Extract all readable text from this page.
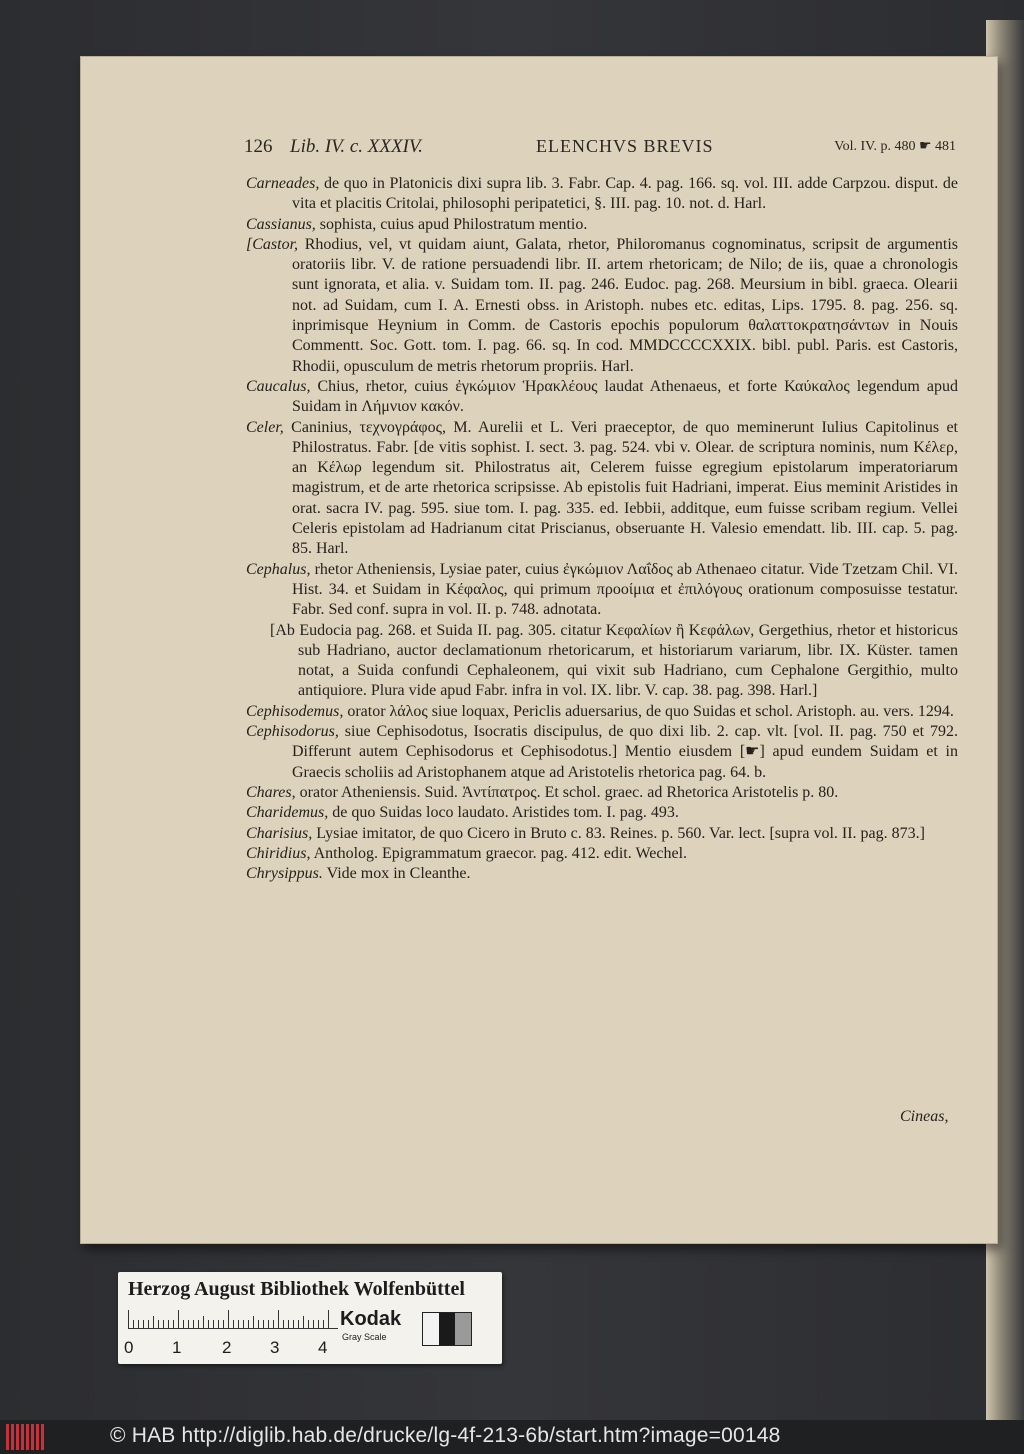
126 Lib. IV. c. XXXIV.	ELENCHVS BREVIS	Vol. IV. p. 480 ☛ 481

Carneades, de quo in Platonicis dixi supra lib. 3. Fabr. Cap. 4. pag. 166. sq. vol. III. adde Carpzou. disput. de vita et placitis Critolai, philosophi peripatetici, §. III. pag. 10. not. d. Harl.

Cassianus, sophista, cuius apud Philostratum mentio.

[Castor, Rhodius, vel, vt quidam aiunt, Galata, rhetor, Philoromanus cognominatus, scripsit de argumentis oratoriis libr. V. de ratione persuadendi libr. II. artem rhetoricam; de Nilo; de iis, quae a chronologis sunt ignorata, et alia. v. Suidam tom. II. pag. 246. Eudoc. pag. 268. Meursium in bibl. graeca. Olearii not. ad Suidam, cum I. A. Ernesti obss. in Aristoph. nubes etc. editas, Lips. 1795. 8. pag. 256. sq. inprimisque Heynium in Comm. de Castoris epochis populorum θαλαττοκρατησάντων in Nouis Commentt. Soc. Gott. tom. I. pag. 66. sq. In cod. MMDCCCCXXIX. bibl. publ. Paris. est Castoris, Rhodii, opusculum de metris rhetorum propriis. Harl.

Caucalus, Chius, rhetor, cuius ἐγκώμιον Ἡρακλέους laudat Athenaeus, et forte Καύκαλος legendum apud Suidam in Λήμνιον κακόν.

Celer, Caninius, τεχνογράφος, M. Aurelii et L. Veri praeceptor, de quo meminerunt Iulius Capitolinus et Philostratus. Fabr. [de vitis sophist. I. sect. 3. pag. 524. vbi v. Olear. de scriptura nominis, num Κέλερ, an Κέλωρ legendum sit. Philostratus ait, Celerem fuisse egregium epistolarum imperatoriarum magistrum, et de arte rhetorica scripsisse. Ab epistolis fuit Hadriani, imperat. Eius meminit Aristides in orat. sacra IV. pag. 595. siue tom. I. pag. 335. ed. Iebbii, additque, eum fuisse scribam regium. Vellei Celeris epistolam ad Hadrianum citat Priscianus, obseruante H. Valesio emendatt. lib. III. cap. 5. pag. 85. Harl.

Cephalus, rhetor Atheniensis, Lysiae pater, cuius ἐγκώμιον Λαΐδος ab Athenaeo citatur. Vide Tzetzam Chil. VI. Hist. 34. et Suidam in Κέφαλος, qui primum προοίμια et ἐπιλόγους orationum composuisse testatur. Fabr. Sed conf. supra in vol. II. p. 748. adnotata.

[Ab Eudocia pag. 268. et Suida II. pag. 305. citatur Κεφαλίων ἢ Κεφάλων, Gergethius, rhetor et historicus sub Hadriano, auctor declamationum rhetoricarum, et historiarum variarum, libr. IX. Küster. tamen notat, a Suida confundi Cephaleonem, qui vixit sub Hadriano, cum Cephalone Gergithio, multo antiquiore. Plura vide apud Fabr. infra in vol. IX. libr. V. cap. 38. pag. 398. Harl.]

Cephisodemus, orator λάλος siue loquax, Periclis aduersarius, de quo Suidas et schol. Aristoph. au. vers. 1294.

Cephisodorus, siue Cephisodotus, Isocratis discipulus, de quo dixi lib. 2. cap. vlt. [vol. II. pag. 750 et 792. Differunt autem Cephisodorus et Cephisodotus.] Mentio eiusdem [☛] apud eundem Suidam et in Graecis scholiis ad Aristophanem atque ad Aristotelis rhetorica pag. 64. b.

Chares, orator Atheniensis. Suid. Ἀντίπατρος. Et schol. graec. ad Rhetorica Aristotelis p. 80.

Charidemus, de quo Suidas loco laudato. Aristides tom. I. pag. 493.

Charisius, Lysiae imitator, de quo Cicero in Bruto c. 83. Reines. p. 560. Var. lect. [supra vol. II. pag. 873.]

Chiridius, Antholog. Epigrammatum graecor. pag. 412. edit. Wechel.

Chrysippus. Vide mox in Cleanthe.

Cineas,
Herzog August Bibliothek Wolfenbüttel
0 1 2 3 4
Kodak
Gray Scale
© HAB http://diglib.hab.de/drucke/lg-4f-213-6b/start.htm?image=00148
